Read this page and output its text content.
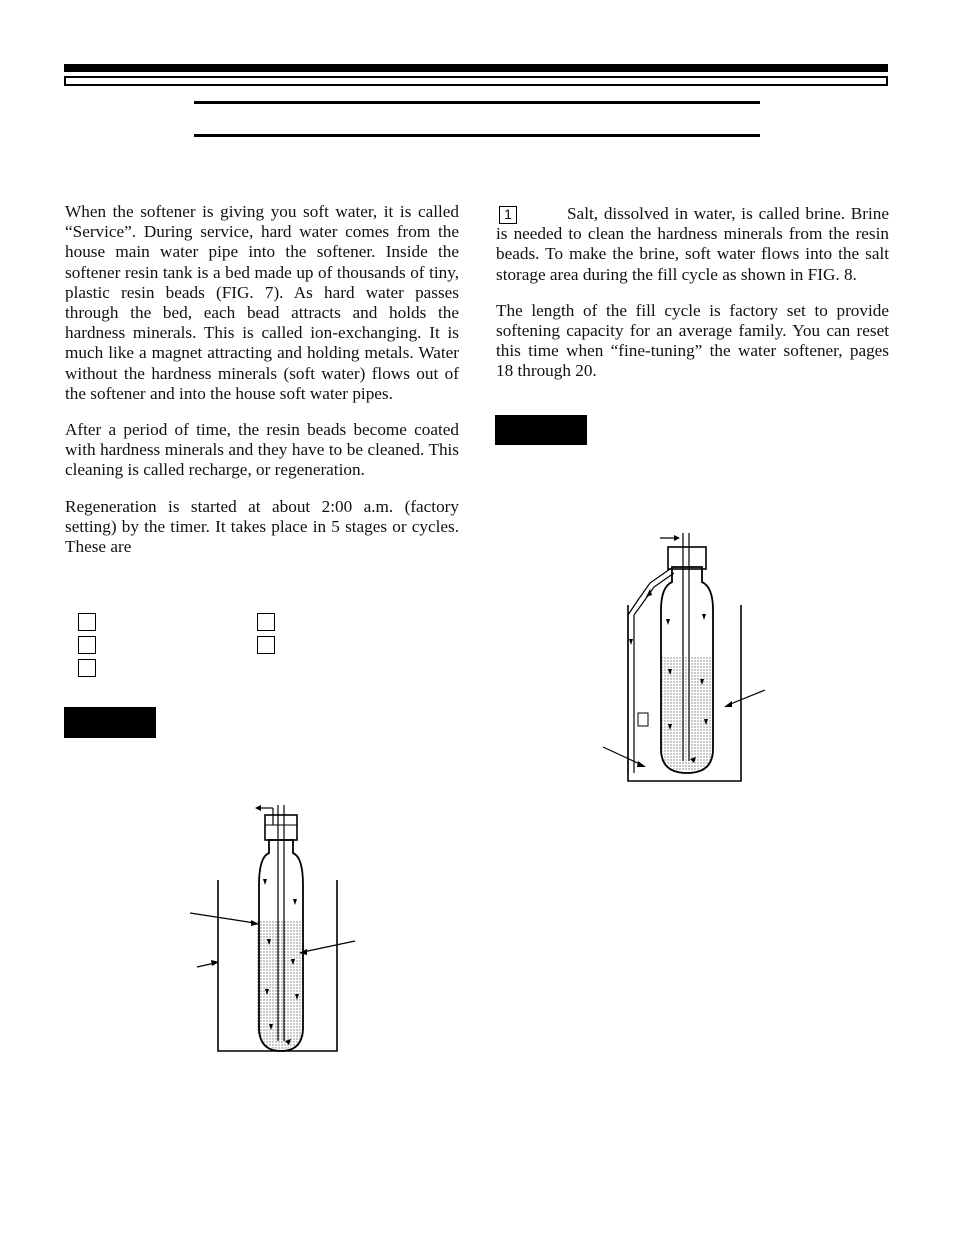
When the softener is giving you soft water, it is called “Service”. During service, hard water comes from the house main water pipe into the softener. Inside the softener resin tank is a bed made up of thousands of tiny, plastic resin beads (FIG. 7). As hard water passes through the bed, each bead attracts and holds the hardness minerals. This is called ion-exchanging. It is much like a magnet attracting and holding metals. Water without the hardness minerals (soft water) flows out of the softener and into the house soft water pipes.

After a period of time, the resin beads become coated with hardness minerals and they have to be cleaned. This cleaning is called recharge, or regeneration.

Regeneration is started at about 2:00 a.m. (factory setting) by the timer. It takes place in 5 stages or cycles. These are

1	Salt, dissolved in water, is called brine. Brine is needed to clean the hardness minerals from the resin beads. To make the brine, soft water flows into the salt storage area during the fill cycle as shown in FIG. 8.

The length of the fill cycle is factory set to provide softening capacity for an average family. You can reset this time when “fine-tuning” the water softener, pages 18 through 20.
